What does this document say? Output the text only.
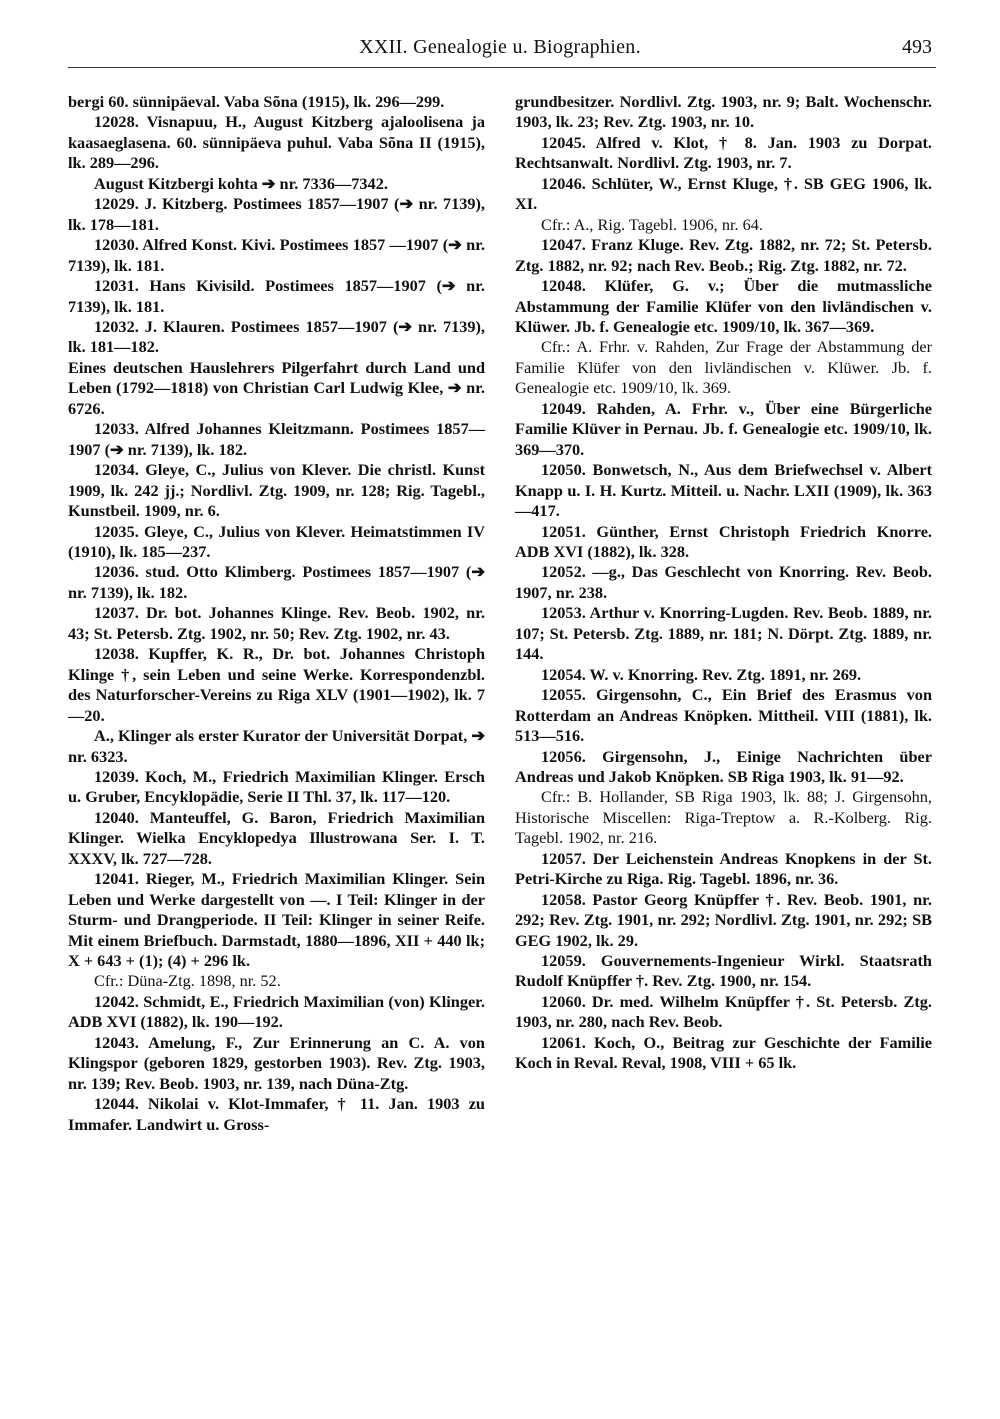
XXII. Genealogie u. Biographien.	493

bergi 60. sünnipäeval. Vaba Sõna (1915), lk. 296—299.

12028. Visnapuu, H., August Kitzberg ajaloolisena ja kaasaeglasena. 60. sünnipäeva puhul. Vaba Sõna II (1915), lk. 289—296.

August Kitzbergi kohta ➔ nr. 7336—7342.

12029. J. Kitzberg. Postimees 1857—1907 (➔ nr. 7139), lk. 178—181.

12030. Alfred Konst. Kivi. Postimees 1857 —1907 (➔ nr. 7139), lk. 181.

12031. Hans Kivisild. Postimees 1857—1907 (➔ nr. 7139), lk. 181.

12032. J. Klauren. Postimees 1857—1907 (➔ nr. 7139), lk. 181—182.

Eines deutschen Hauslehrers Pilgerfahrt durch Land und Leben (1792—1818) von Christian Carl Ludwig Klee, ➔ nr. 6726.

12033. Alfred Johannes Kleitzmann. Postimees 1857—1907 (➔ nr. 7139), lk. 182.

12034. Gleye, C., Julius von Klever. Die christl. Kunst 1909, lk. 242 jj.; Nordlivl. Ztg. 1909, nr. 128; Rig. Tagebl., Kunstbeil. 1909, nr. 6.

12035. Gleye, C., Julius von Klever. Heimatstimmen IV (1910), lk. 185—237.

12036. stud. Otto Klimberg. Postimees 1857—1907 (➔ nr. 7139), lk. 182.

12037. Dr. bot. Johannes Klinge. Rev. Beob. 1902, nr. 43; St. Petersb. Ztg. 1902, nr. 50; Rev. Ztg. 1902, nr. 43.

12038. Kupffer, K. R., Dr. bot. Johannes Christoph Klinge †, sein Leben und seine Werke. Korrespondenzbl. des Naturforscher-Vereins zu Riga XLV (1901—1902), lk. 7—20.

A., Klinger als erster Kurator der Universität Dorpat, ➔ nr. 6323.

12039. Koch, M., Friedrich Maximilian Klinger. Ersch u. Gruber, Encyklopädie, Serie II Thl. 37, lk. 117—120.

12040. Manteuffel, G. Baron, Friedrich Maximilian Klinger. Wielka Encyklopedya Illustrowana Ser. I. T. XXXV, lk. 727—728.

12041. Rieger, M., Friedrich Maximilian Klinger. Sein Leben und Werke dargestellt von —. I Teil: Klinger in der Sturm- und Drangperiode. II Teil: Klinger in seiner Reife. Mit einem Briefbuch. Darmstadt, 1880—1896, XII + 440 lk; X + 643 + (1); (4) + 296 lk.

Cfr.: Düna-Ztg. 1898, nr. 52.

12042. Schmidt, E., Friedrich Maximilian (von) Klinger. ADB XVI (1882), lk. 190—192.

12043. Amelung, F., Zur Erinnerung an C. A. von Klingspor (geboren 1829, gestorben 1903). Rev. Ztg. 1903, nr. 139; Rev. Beob. 1903, nr. 139, nach Düna-Ztg.

12044. Nikolai v. Klot-Immafer, † 11. Jan. 1903 zu Immafer. Landwirt u. Gross-

grundbesitzer. Nordlivl. Ztg. 1903, nr. 9; Balt. Wochenschr. 1903, lk. 23; Rev. Ztg. 1903, nr. 10.

12045. Alfred v. Klot, † 8. Jan. 1903 zu Dorpat. Rechtsanwalt. Nordlivl. Ztg. 1903, nr. 7.

12046. Schlüter, W., Ernst Kluge, †. SB GEG 1906, lk. XI.

Cfr.: A., Rig. Tagebl. 1906, nr. 64.

12047. Franz Kluge. Rev. Ztg. 1882, nr. 72; St. Petersb. Ztg. 1882, nr. 92; nach Rev. Beob.; Rig. Ztg. 1882, nr. 72.

12048. Klüfer, G. v.; Über die mutmassliche Abstammung der Familie Klüfer von den livländischen v. Klüwer. Jb. f. Genealogie etc. 1909/10, lk. 367—369.

Cfr.: A. Frhr. v. Rahden, Zur Frage der Abstammung der Familie Klüfer von den livländischen v. Klüwer. Jb. f. Genealogie etc. 1909/10, lk. 369.

12049. Rahden, A. Frhr. v., Über eine Bürgerliche Familie Klüver in Pernau. Jb. f. Genealogie etc. 1909/10, lk. 369—370.

12050. Bonwetsch, N., Aus dem Briefwechsel v. Albert Knapp u. I. H. Kurtz. Mitteil. u. Nachr. LXII (1909), lk. 363—417.

12051. Günther, Ernst Christoph Friedrich Knorre. ADB XVI (1882), lk. 328.

12052. —g., Das Geschlecht von Knorring. Rev. Beob. 1907, nr. 238.

12053. Arthur v. Knorring-Lugden. Rev. Beob. 1889, nr. 107; St. Petersb. Ztg. 1889, nr. 181; N. Dörpt. Ztg. 1889, nr. 144.

12054. W. v. Knorring. Rev. Ztg. 1891, nr. 269.

12055. Girgensohn, C., Ein Brief des Erasmus von Rotterdam an Andreas Knöpken. Mittheil. VIII (1881), lk. 513—516.

12056. Girgensohn, J., Einige Nachrichten über Andreas und Jakob Knöpken. SB Riga 1903, lk. 91—92.

Cfr.: B. Hollander, SB Riga 1903, lk. 88; J. Girgensohn, Historische Miscellen: Riga-Treptow a. R.-Kolberg. Rig. Tagebl. 1902, nr. 216.

12057. Der Leichenstein Andreas Knopkens in der St. Petri-Kirche zu Riga. Rig. Tagebl. 1896, nr. 36.

12058. Pastor Georg Knüpffer †. Rev. Beob. 1901, nr. 292; Rev. Ztg. 1901, nr. 292; Nordlivl. Ztg. 1901, nr. 292; SB GEG 1902, lk. 29.

12059. Gouvernements-Ingenieur Wirkl. Staatsrath Rudolf Knüpffer †. Rev. Ztg. 1900, nr. 154.

12060. Dr. med. Wilhelm Knüpffer †. St. Petersb. Ztg. 1903, nr. 280, nach Rev. Beob.

12061. Koch, O., Beitrag zur Geschichte der Familie Koch in Reval. Reval, 1908, VIII + 65 lk.
